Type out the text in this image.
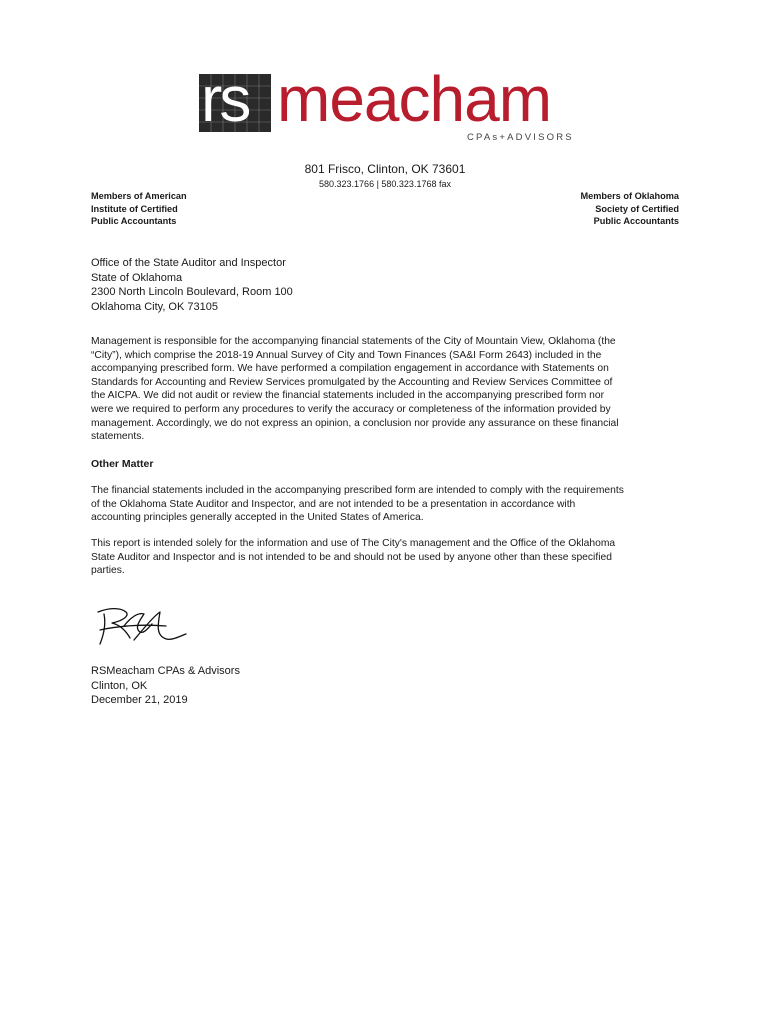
rs meacham
CPAs+ADVISORS
801 Frisco, Clinton, OK 73601
580.323.1766 | 580.323.1768 fax
Members of American
Institute of Certified
Public Accountants
Members of Oklahoma
Society of Certified
Public Accountants
Office of the State Auditor and Inspector
State of Oklahoma
2300 North Lincoln Boulevard, Room 100
Oklahoma City, OK 73105
Management is responsible for the accompanying financial statements of the City of Mountain View, Oklahoma (the
“City”), which comprise the 2018-19 Annual Survey of City and Town Finances (SA&I Form 2643) included in the
accompanying prescribed form. We have performed a compilation engagement in accordance with Statements on
Standards for Accounting and Review Services promulgated by the Accounting and Review Services Committee of
the AICPA. We did not audit or review the financial statements included in the accompanying prescribed form nor
were we required to perform any procedures to verify the accuracy or completeness of the information provided by
management. Accordingly, we do not express an opinion, a conclusion nor provide any assurance on these financial
statements.
Other Matter
The financial statements included in the accompanying prescribed form are intended to comply with the requirements
of the Oklahoma State Auditor and Inspector, and are not intended to be a presentation in accordance with
accounting principles generally accepted in the United States of America.
This report is intended solely for the information and use of The City's management and the Office of the Oklahoma
State Auditor and Inspector and is not intended to be and should not be used by anyone other than these specified
parties.
RSMeacham CPAs & Advisors
Clinton, OK
December 21, 2019
